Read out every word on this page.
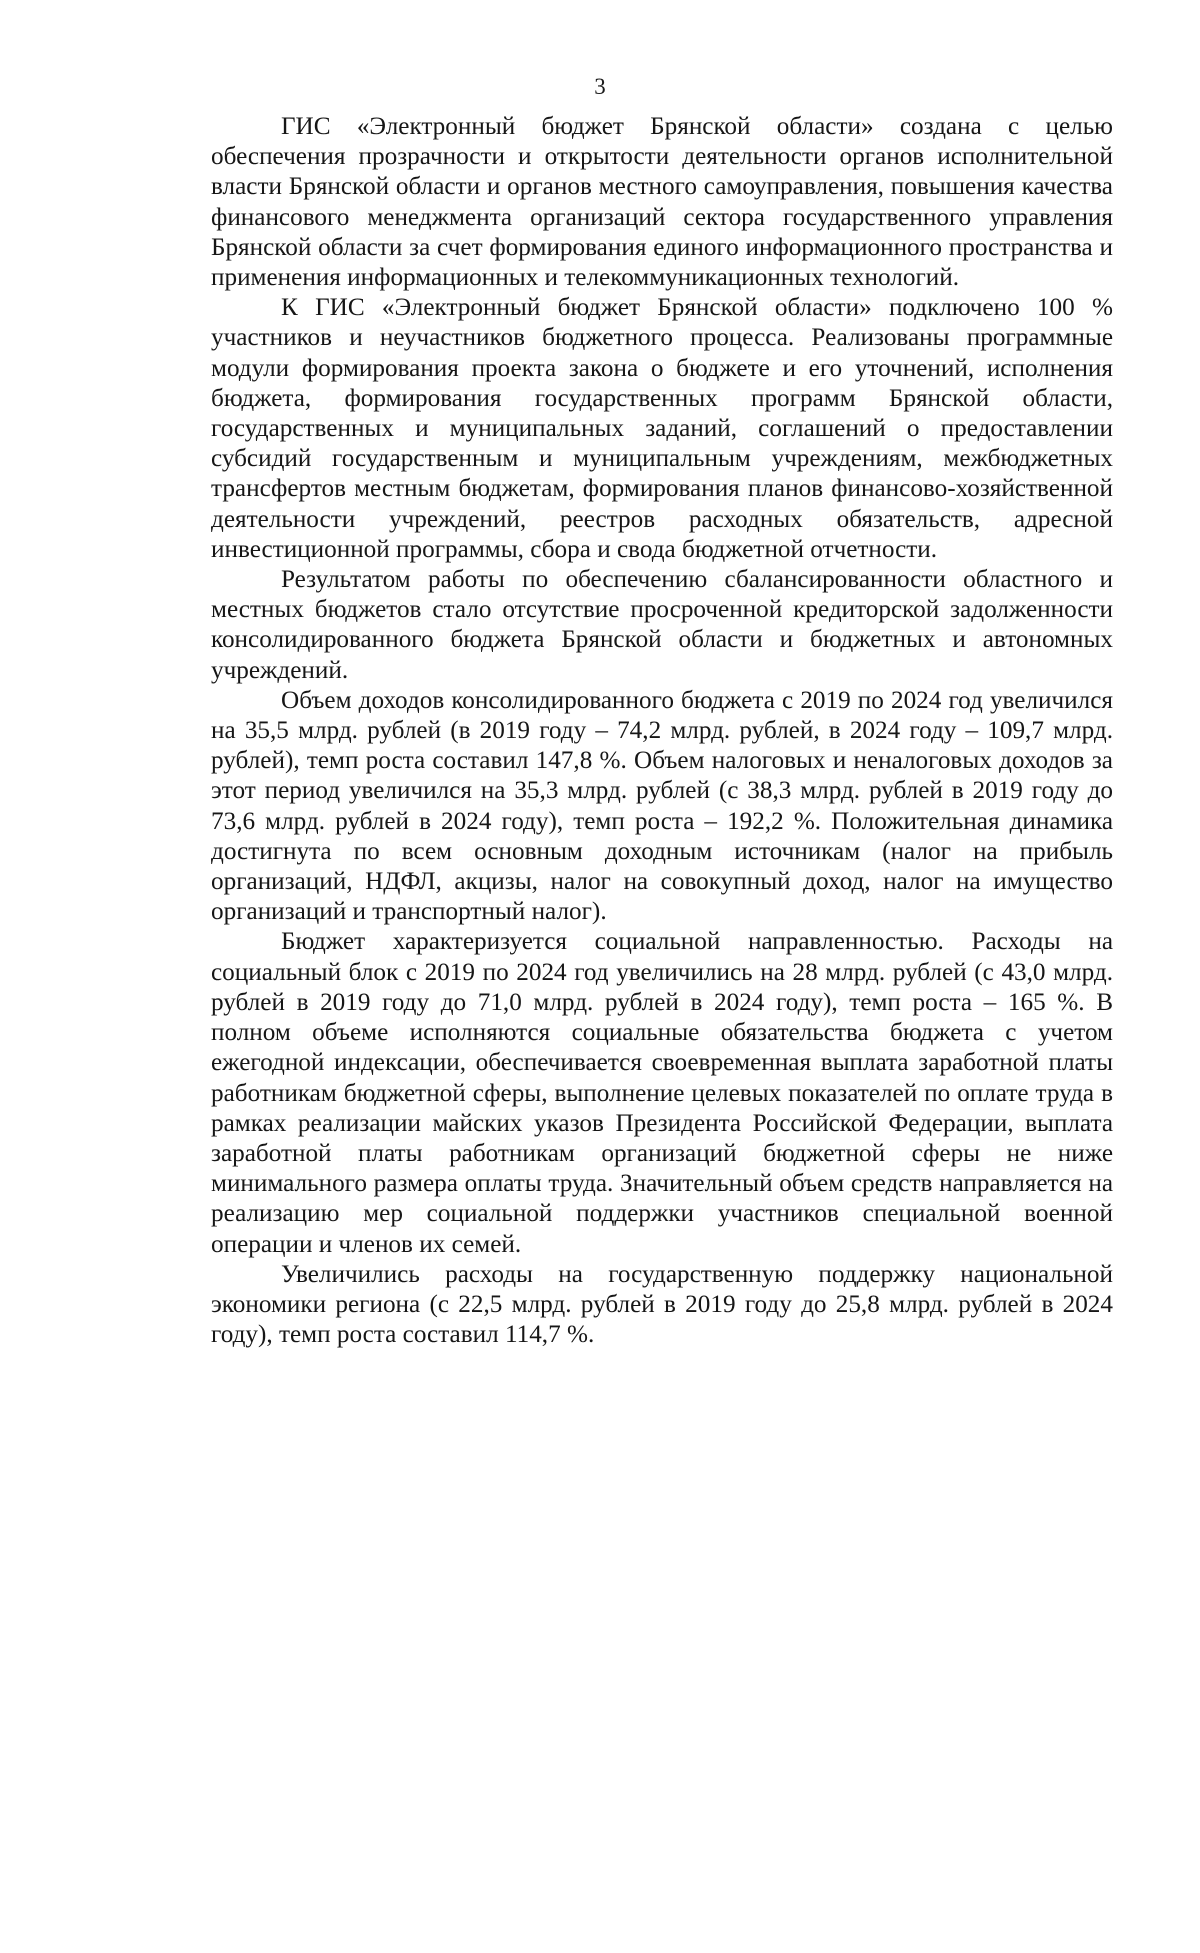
3

ГИС «Электронный бюджет Брянской области» создана с целью обеспечения прозрачности и открытости деятельности органов исполнительной власти Брянской области и органов местного самоуправления, повышения качества финансового менеджмента организаций сектора государственного управления Брянской области за счет формирования единого информационного пространства и применения информационных и телекоммуникационных технологий.

К ГИС «Электронный бюджет Брянской области» подключено 100 % участников и неучастников бюджетного процесса. Реализованы программные модули формирования проекта закона о бюджете и его уточнений, исполнения бюджета, формирования государственных программ Брянской области, государственных и муниципальных заданий, соглашений о предоставлении субсидий государственным и муниципальным учреждениям, межбюджетных трансфертов местным бюджетам, формирования планов финансово-хозяйственной деятельности учреждений, реестров расходных обязательств, адресной инвестиционной программы, сбора и свода бюджетной отчетности.

Результатом работы по обеспечению сбалансированности областного и местных бюджетов стало отсутствие просроченной кредиторской задолженности консолидированного бюджета Брянской области и бюджетных и автономных учреждений.

Объем доходов консолидированного бюджета с 2019 по 2024 год увеличился на 35,5 млрд. рублей (в 2019 году – 74,2 млрд. рублей, в 2024 году – 109,7 млрд. рублей), темп роста составил 147,8 %. Объем налоговых и неналоговых доходов за этот период увеличился на 35,3 млрд. рублей (с 38,3 млрд. рублей в 2019 году до 73,6 млрд. рублей в 2024 году), темп роста – 192,2 %. Положительная динамика достигнута по всем основным доходным источникам (налог на прибыль организаций, НДФЛ, акцизы, налог на совокупный доход, налог на имущество организаций и транспортный налог).

Бюджет характеризуется социальной направленностью. Расходы на социальный блок с 2019 по 2024 год увеличились на 28 млрд. рублей (с 43,0 млрд. рублей в 2019 году до 71,0 млрд. рублей в 2024 году), темп роста – 165 %. В полном объеме исполняются социальные обязательства бюджета с учетом ежегодной индексации, обеспечивается своевременная выплата заработной платы работникам бюджетной сферы, выполнение целевых показателей по оплате труда в рамках реализации майских указов Президента Российской Федерации, выплата заработной платы работникам организаций бюджетной сферы не ниже минимального размера оплаты труда. Значительный объем средств направляется на реализацию мер социальной поддержки участников специальной военной операции и членов их семей.

Увеличились расходы на государственную поддержку национальной экономики региона (с 22,5 млрд. рублей в 2019 году до 25,8 млрд. рублей в 2024 году), темп роста составил 114,7 %.
